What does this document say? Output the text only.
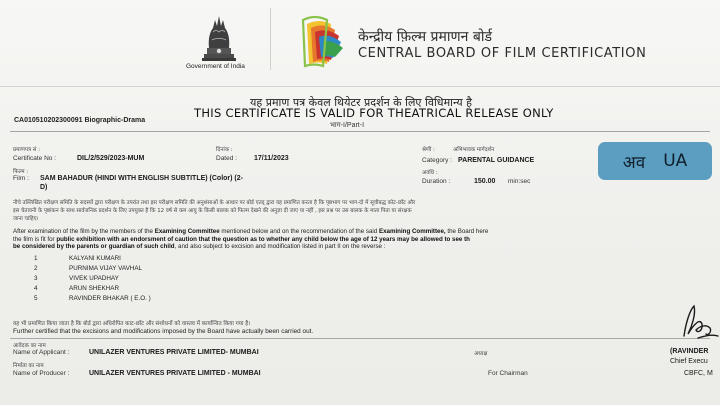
Government of India
केन्द्रीय फ़िल्म प्रमाणन बोर्ड
CENTRAL BOARD OF FILM CERTIFICATION
यह प्रमाण पत्र केवल थियेटर प्रदर्शन के लिए विधिमान्य है
THIS CERTIFICATE IS VALID FOR THEATRICAL RELEASE ONLY
भाग-I/Part-I
CA010510202300091 Biographic-Drama
प्रमाणपत्र सं :
Certificate No :	DIL/2/529/2023-MUM
दिनांक :
Dated : 17/11/2023
फिल्म :
Film : SAM BAHADUR (HINDI WITH ENGLISH SUBTITLE) (Color) (2-
D)
श्रेणी :	अभिभावक मार्गदर्शन
Category : PARENTAL GUIDANCE
अवधि :
Duration :	150.00 min:sec
अव UA
नीचे उल्लिखित परीक्षण समिति के सदस्यों द्वारा परीक्षण के उपरांत तथा इस परीक्षण समिति की अनुशंसाओं के आधार पर बोर्ड एतद् द्वारा यह प्रमाणित करता है कि पृष्ठभाग पर भाग-दो में सूचीबद्ध कोट-छाँट और
इस चेतावनी के पृष्ठांकन के साथ सार्वजनिक प्रदर्शन के लिए उपयुक्त है कि 12 वर्ष से कम आयु के किसी बालक को फिल्म देखने की अनुज्ञा दी जाए या नहीं , इस प्रश्न पर उस बालक के माता पिता या संरक्षक
जाना चाहिए।
After examination of the film by the members of the Examining Committee mentioned below and on the recommendation of the said Examining Committee, the Board here
the film is fit for public exhibition with an endorsment of caution that the question as to whether any child below the age of 12 years may be allowed to see th
be considered by the parents or guardian of such child, and also subject to excision and modification listed in part II on the reverse :
1	KALYANI KUMARI
2	PURNIMA VIJAY VAVHAL
3	VIVEK UPADHAY
4	ARUN SHEKHAR
5	RAVINDER BHAKAR ( E.O. )
यह भी प्रमाणित किया जाता है कि बोर्ड द्वारा अधिरोपित काट-छाँट और संशोधनों को वास्तव में कार्यान्वित किया गया है।
Further certified that the excisions and modifications imposed by the Board have actually been carried out.
आवेदक का नाम
Name of Applicant :	UNILAZER VENTURES PRIVATE LIMITED- MUMBAI
निर्माता का नाम
Name of Producer :	UNILAZER VENTURES PRIVATE LIMITED - MUMBAI
अध्यक्ष
For Chairman
(RAVINDER
Chief Execu
CBFC, M
